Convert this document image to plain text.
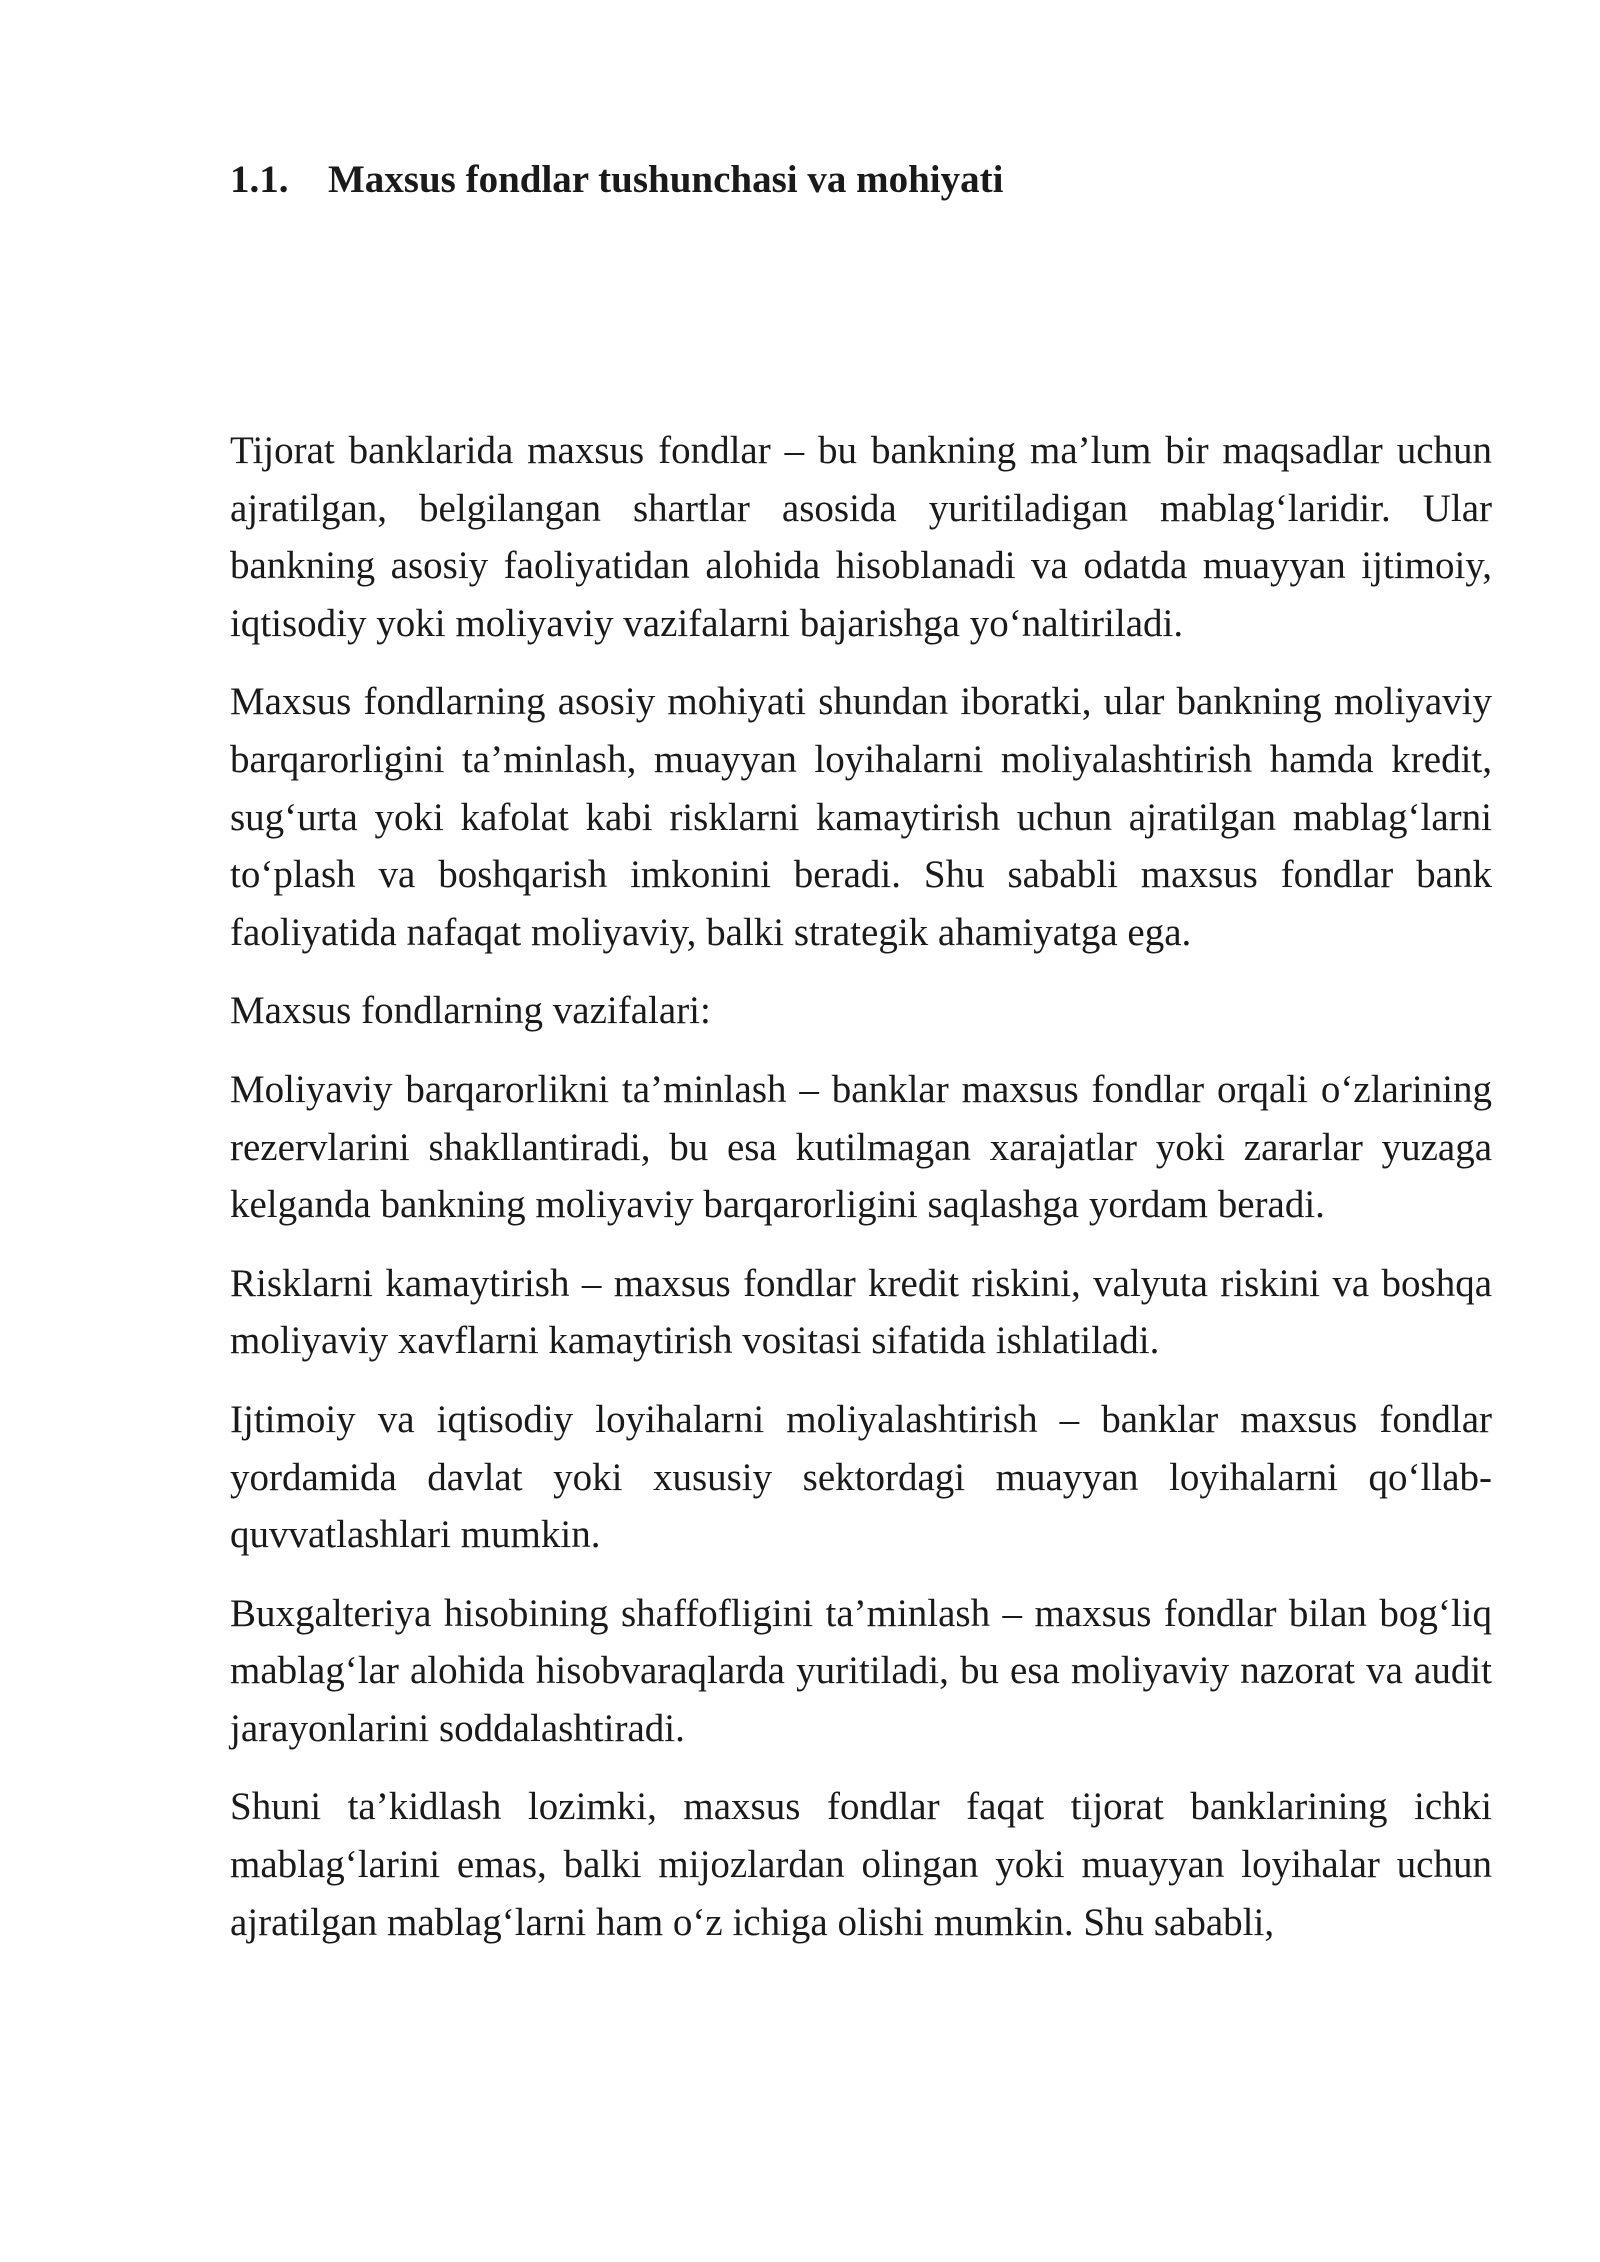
1.1.	Maxsus fondlar tushunchasi va mohiyati

Tijorat banklarida maxsus fondlar – bu bankning ma’lum bir maqsadlar uchun ajratilgan, belgilangan shartlar asosida yuritiladigan mablag‘laridir. Ular bankning asosiy faoliyatidan alohida hisoblanadi va odatda muayyan ijtimoiy, iqtisodiy yoki moliyaviy vazifalarni bajarishga yo‘naltiriladi.

Maxsus fondlarning asosiy mohiyati shundan iboratki, ular bankning moliyaviy barqarorligini ta’minlash, muayyan loyihalarni moliyalashtirish hamda kredit, sug‘urta yoki kafolat kabi risklarni kamaytirish uchun ajratilgan mablag‘larni to‘plash va boshqarish imkonini beradi. Shu sababli maxsus fondlar bank faoliyatida nafaqat moliyaviy, balki strategik ahamiyatga ega.

Maxsus fondlarning vazifalari:

Moliyaviy barqarorlikni ta’minlash – banklar maxsus fondlar orqali o‘zlarining rezervlarini shakllantiradi, bu esa kutilmagan xarajatlar yoki zararlar yuzaga kelganda bankning moliyaviy barqarorligini saqlashga yordam beradi.

Risklarni kamaytirish – maxsus fondlar kredit riskini, valyuta riskini va boshqa moliyaviy xavflarni kamaytirish vositasi sifatida ishlatiladi.

Ijtimoiy va iqtisodiy loyihalarni moliyalashtirish – banklar maxsus fondlar yordamida davlat yoki xususiy sektordagi muayyan loyihalarni qo‘llab-quvvatlashlari mumkin.

Buxgalteriya hisobining shaffofligini ta’minlash – maxsus fondlar bilan bog‘liq mablag‘lar alohida hisobvaraqlarda yuritiladi, bu esa moliyaviy nazorat va audit jarayonlarini soddalashtiradi.

Shuni ta’kidlash lozimki, maxsus fondlar faqat tijorat banklarining ichki mablag‘larini emas, balki mijozlardan olingan yoki muayyan loyihalar uchun ajratilgan mablag‘larni ham o‘z ichiga olishi mumkin. Shu sababli,
